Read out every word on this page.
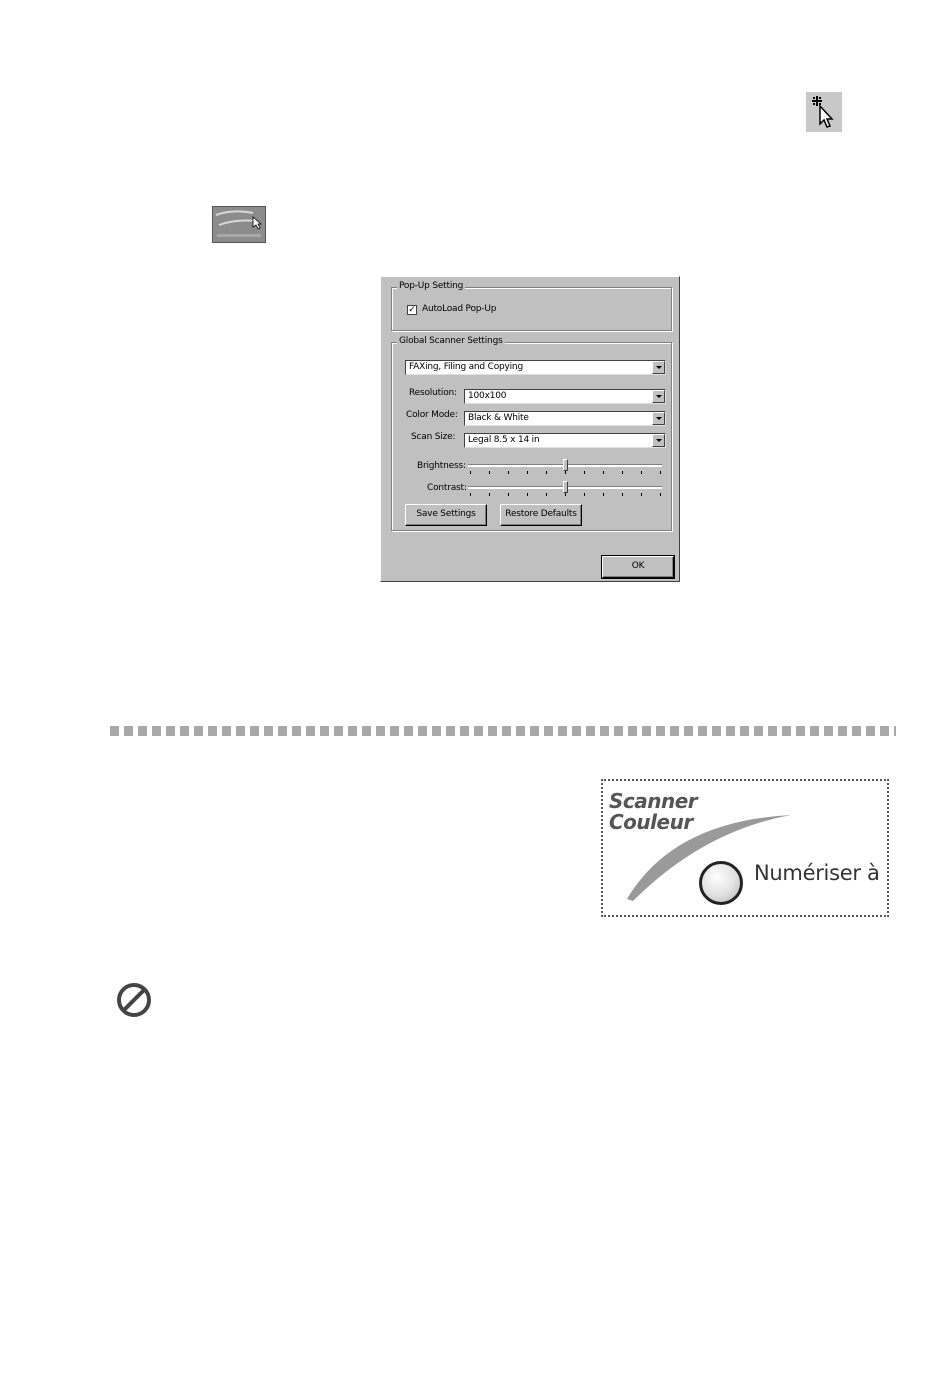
Pop-Up Setting
✓ AutoLoad Pop-Up
Global Scanner Settings
FAXing, Filing and Copying
Resolution: 100x100
Color Mode: Black & White
Scan Size: Legal 8.5 x 14 in
Brightness:
Contrast:
Save Settings	Restore Defaults
OK
Scanner
Couleur
Numériser à
